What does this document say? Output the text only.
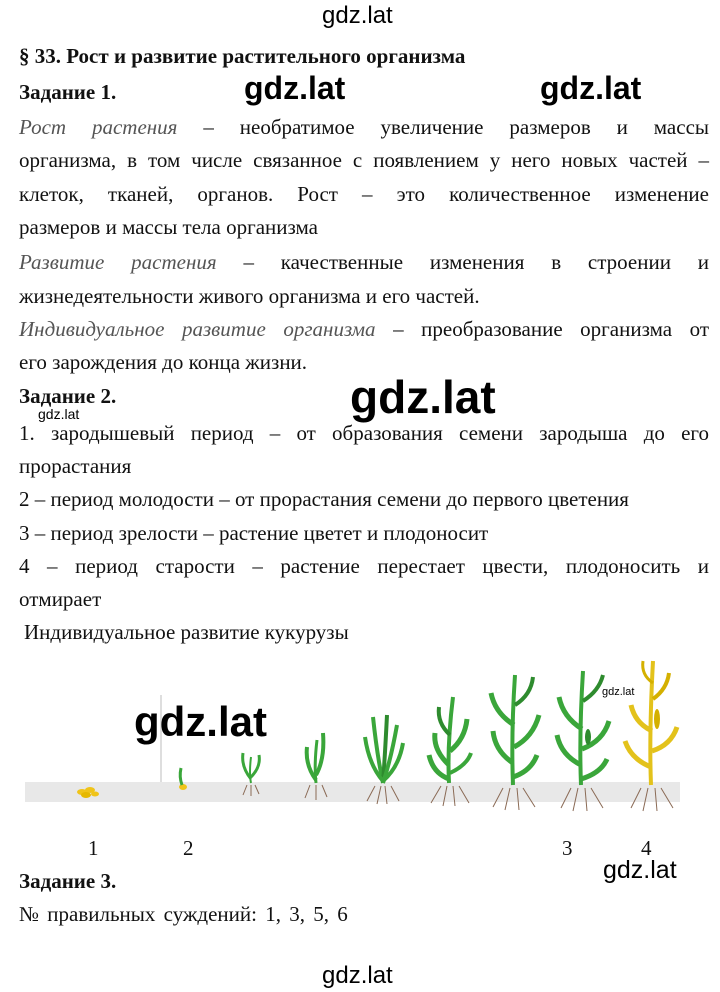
gdz.lat
§ 33. Рост и развитие растительного организма
Задание 1.	gdz.lat	gdz.lat
Рост растения – необратимое увеличение размеров и массы
организма, в том числе связанное с появлением у него новых частей –
клеток, тканей, органов. Рост – это количественное изменение
размеров и массы тела организма
Развитие растения – качественные изменения в строении и
жизнедеятельности живого организма и его частей.
Индивидуальное развитие организма – преобразование организма от
его зарождения до конца жизни.
Задание 2.	gdz.lat
gdz.lat
1. зародышевый период – от образования семени зародыша до его
прорастания
2 – период молодости – от прорастания семени до первого цветения
3 – период зрелости – растение цветет и плодоносит
4 – период старости – растение перестает цвести, плодоносить и
отмирает
Индивидуальное развитие кукурузы
gdz.lat
gdz.lat
1	2	3	4
gdz.lat
Задание 3.
№ правильных суждений: 1, 3, 5, 6
gdz.lat
